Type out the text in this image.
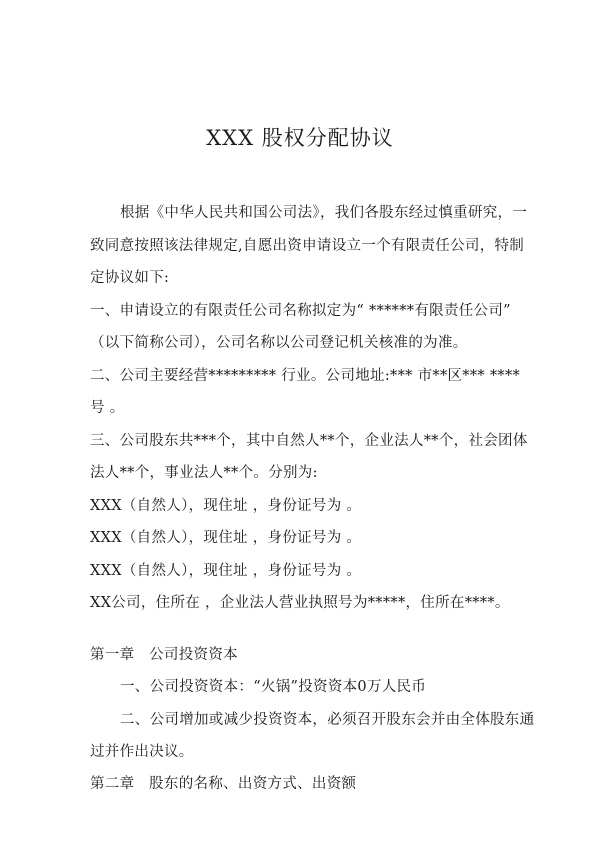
XXX 股权分配协议
根据《中华人民共和国公司法》，我们各股东经过慎重研究，一
致同意按照该法律规定,自愿出资申请设立一个有限责任公司，特制
定协议如下:
一、申请设立的有限责任公司名称拟定为“ ******有限责任公司”
（以下简称公司），公司名称以公司登记机关核准的为准。
二、公司主要经营********* 行业。公司地址:*** 市**区*** ****
号 。
三、公司股东共***个，其中自然人**个，企业法人**个，社会团体
法人**个，事业法人**个。分别为:
XXX（自然人），现住址 ，身份证号为 。
XXX（自然人），现住址 ，身份证号为 。
XXX（自然人），现住址 ，身份证号为 。
XX公司，住所在 ，企业法人营业执照号为*****，住所在****。
第一章   公司投资资本
一、公司投资资本：“火锅”投资资本0万人民币
二、公司增加或减少投资资本，必须召开股东会并由全体股东通
过并作出决议。
第二章   股东的名称、出资方式、出资额
